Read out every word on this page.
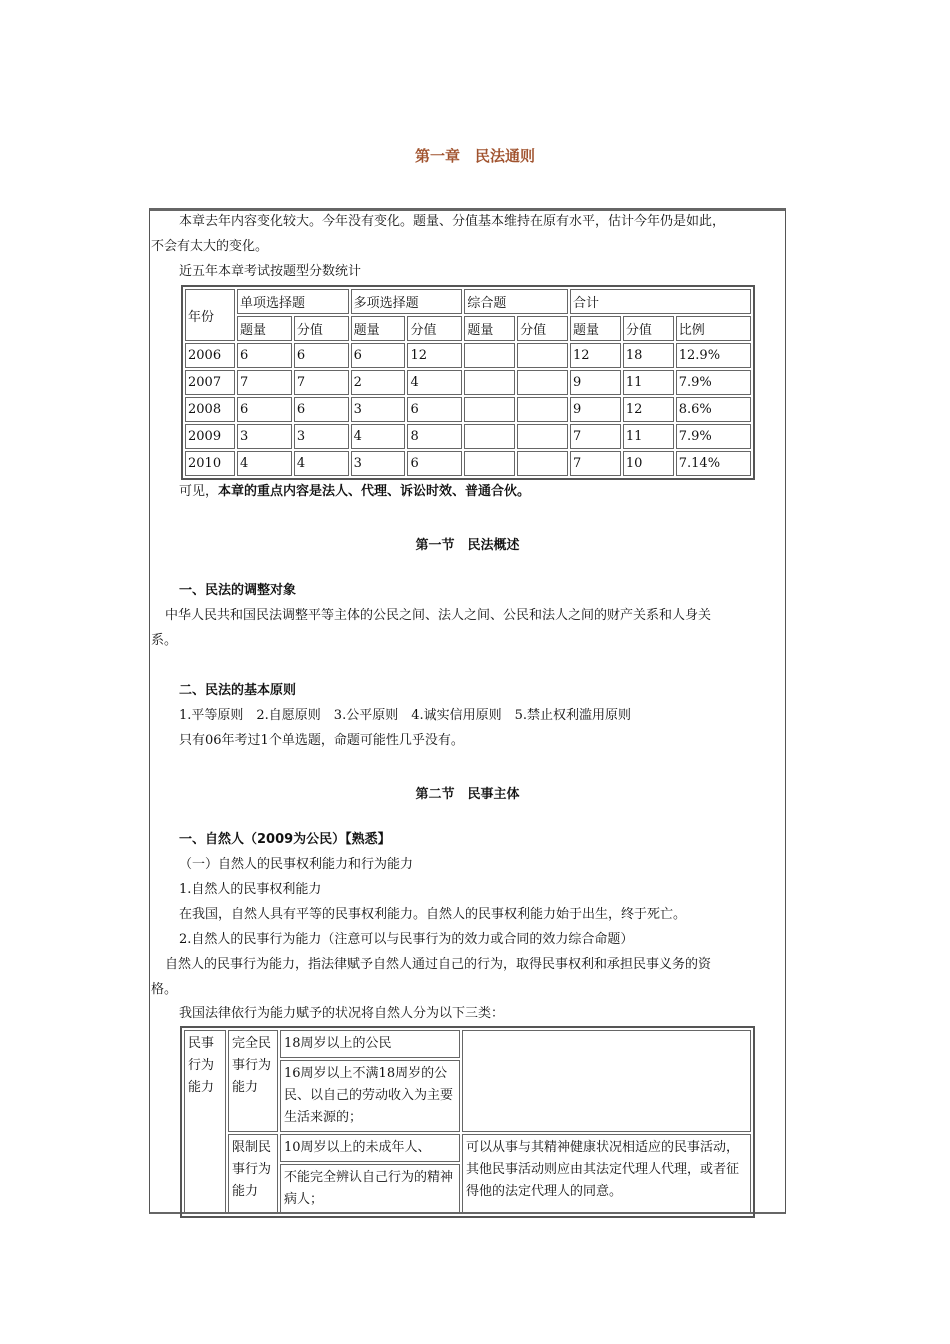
第一章　民法通则
本章去年内容变化较大。今年没有变化。题量、分值基本维持在原有水平，估计今年仍是如此，
不会有太大的变化。
近五年本章考试按题型分数统计
年份	单项选择题		多项选择题		综合题		合计		
	题量	分值	题量	分值	题量	分值	题量	分值	比例
2006	6	6	6	12			12	18	12.9%
2007	7	7	2	4			9	11	7.9%
2008	6	6	3	6			9	12	8.6%
2009	3	3	4	8			7	11	7.9%
2010	4	4	3	6			7	10	7.14%
可见，本章的重点内容是法人、代理、诉讼时效、普通合伙。
第一节　民法概述
一、民法的调整对象
中华人民共和国民法调整平等主体的公民之间、法人之间、公民和法人之间的财产关系和人身关
系。
二、民法的基本原则
1.平等原则　2.自愿原则　3.公平原则　4.诚实信用原则　5.禁止权利滥用原则
只有06年考过1个单选题，命题可能性几乎没有。
第二节　民事主体
一、自然人（2009为公民）【熟悉】
（一）自然人的民事权利能力和行为能力
1.自然人的民事权利能力
在我国，自然人具有平等的民事权利能力。自然人的民事权利能力始于出生，终于死亡。
2.自然人的民事行为能力（注意可以与民事行为的效力或合同的效力综合命题）
自然人的民事行为能力，指法律赋予自然人通过自己的行为，取得民事权利和承担民事义务的资
格。
我国法律依行为能力赋予的状况将自然人分为以下三类：
民事行为能力	完全民事行为能力	18周岁以上的公民	
		16周岁以上不满18周岁的公民、以自己的劳动收入为主要生活来源的；	
	限制民事行为能力	10周岁以上的未成年人、	可以从事与其精神健康状况相适应的民事活动，其他民事活动则应由其法定代理人代理，或者征得他的法定代理人的同意。
		不能完全辨认自己行为的精神病人；	
